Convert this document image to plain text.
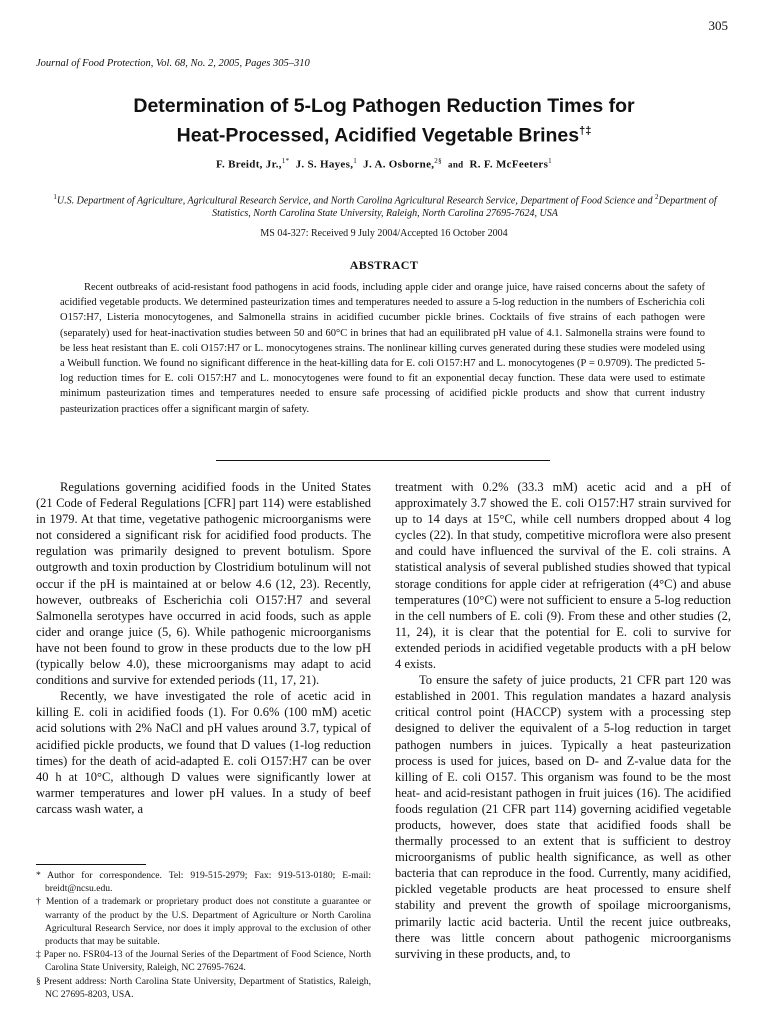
305
Journal of Food Protection, Vol. 68, No. 2, 2005, Pages 305–310
Determination of 5-Log Pathogen Reduction Times for
Heat-Processed, Acidified Vegetable Brines†‡
F. Breidt, Jr.,$^{1*}$ J. S. Hayes,$^1$ J. A. Osborne,$^{2\S}$ and R. F. McFeeters$^1$
$^1$U.S. Department of Agriculture, Agricultural Research Service, and North Carolina Agricultural Research Service, Department of Food Science and $^2$Department of Statistics, North Carolina State University, Raleigh, North Carolina 27695-7624, USA
MS 04-327: Received 9 July 2004/Accepted 16 October 2004
ABSTRACT
Recent outbreaks of acid-resistant food pathogens in acid foods, including apple cider and orange juice, have raised concerns about the safety of acidified vegetable products. We determined pasteurization times and temperatures needed to assure a 5-log reduction in the numbers of Escherichia coli O157:H7, Listeria monocytogenes, and Salmonella strains in acidified cucumber pickle brines. Cocktails of five strains of each pathogen were (separately) used for heat-inactivation studies between 50 and 60°C in brines that had an equilibrated pH value of 4.1. Salmonella strains were found to be less heat resistant than E. coli O157:H7 or L. monocytogenes strains. The nonlinear killing curves generated during these studies were modeled using a Weibull function. We found no significant difference in the heat-killing data for E. coli O157:H7 and L. monocytogenes (P = 0.9709). The predicted 5-log reduction times for E. coli O157:H7 and L. monocytogenes were found to fit an exponential decay function. These data were used to estimate minimum pasteurization times and temperatures needed to ensure safe processing of acidified pickle products and show that current industry pasteurization practices offer a significant margin of safety.

Regulations governing acidified foods in the United States (21 Code of Federal Regulations [CFR] part 114) were established in 1979. At that time, vegetative pathogenic microorganisms were not considered a significant risk for acidified food products. The regulation was primarily designed to prevent botulism. Spore outgrowth and toxin production by Clostridium botulinum will not occur if the pH is maintained at or below 4.6 (12, 23). Recently, however, outbreaks of Escherichia coli O157:H7 and several Salmonella serotypes have occurred in acid foods, such as apple cider and orange juice (5, 6). While pathogenic microorganisms have not been found to grow in these products due to the low pH (typically below 4.0), these microorganisms may adapt to acid conditions and survive for extended periods (11, 17, 21).

Recently, we have investigated the role of acetic acid in killing E. coli in acidified foods (1). For 0.6% (100 mM) acetic acid solutions with 2% NaCl and pH values around 3.7, typical of acidified pickle products, we found that D values (1-log reduction times) for the death of acid-adapted E. coli O157:H7 can be over 40 h at 10°C, although D values were significantly lower at warmer temperatures and lower pH values. In a study of beef carcass wash water, a

* Author for correspondence. Tel: 919-515-2979; Fax: 919-513-0180; E-mail: breidt@ncsu.edu.
† Mention of a trademark or proprietary product does not constitute a guarantee or warranty of the product by the U.S. Department of Agriculture or North Carolina Agricultural Research Service, nor does it imply approval to the exclusion of other products that may be suitable.
‡ Paper no. FSR04-13 of the Journal Series of the Department of Food Science, North Carolina State University, Raleigh, NC 27695-7624.
§ Present address: North Carolina State University, Department of Statistics, Raleigh, NC 27695-8203, USA.

treatment with 0.2% (33.3 mM) acetic acid and a pH of approximately 3.7 showed the E. coli O157:H7 strain survived for up to 14 days at 15°C, while cell numbers dropped about 4 log cycles (22). In that study, competitive microflora were also present and could have influenced the survival of the E. coli strains. A statistical analysis of several published studies showed that typical storage conditions for apple cider at refrigeration (4°C) and abuse temperatures (10°C) were not sufficient to ensure a 5-log reduction in the cell numbers of E. coli (9). From these and other studies (2, 11, 24), it is clear that the potential for E. coli to survive for extended periods in acidified vegetable products with a pH below 4 exists.

To ensure the safety of juice products, 21 CFR part 120 was established in 2001. This regulation mandates a hazard analysis critical control point (HACCP) system with a processing step designed to deliver the equivalent of a 5-log reduction in target pathogen numbers in juices. Typically a heat pasteurization process is used for juices, based on D- and Z-value data for the killing of E. coli O157. This organism was found to be the most heat- and acid-resistant pathogen in fruit juices (16). The acidified foods regulation (21 CFR part 114) governing acidified vegetable products, however, does state that acidified foods shall be thermally processed to an extent that is sufficient to destroy microorganisms of public health significance, as well as other bacteria that can reproduce in the food. Currently, many acidified, pickled vegetable products are heat processed to ensure shelf stability and prevent the growth of spoilage microorganisms, primarily lactic acid bacteria. Until the recent juice outbreaks, there was little concern about pathogenic microorganisms surviving in these products, and, to
